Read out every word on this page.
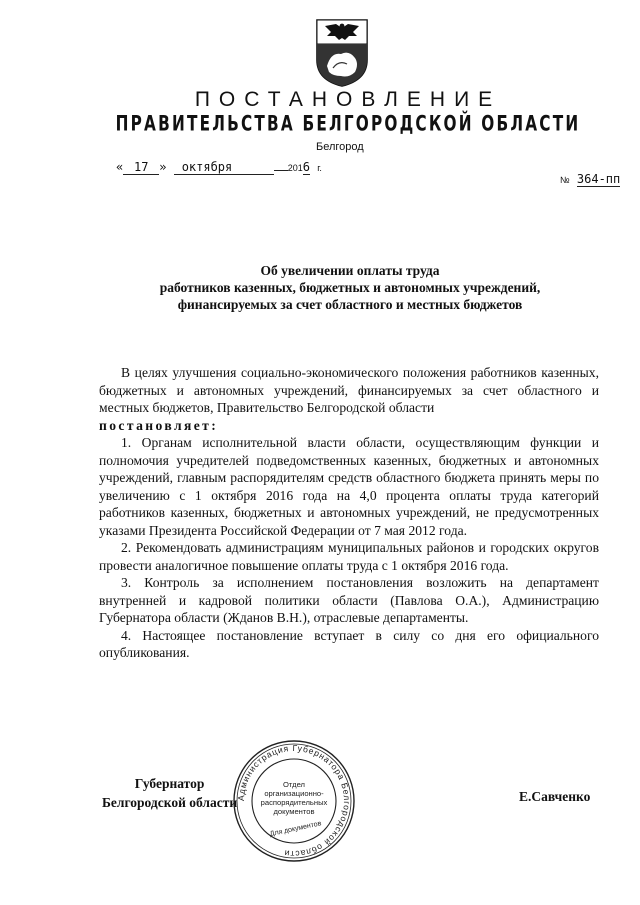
ПОСТАНОВЛЕНИЕ
ПРАВИТЕЛЬСТВА БЕЛГОРОДСКОЙ ОБЛАСТИ
Белгород
« 17 » октября	2016 г.
№ 364-пп
Об увеличении оплаты труда
работников казенных, бюджетных и автономных учреждений,
финансируемых за счет областного и местных бюджетов

В целях улучшения социально-экономического положения работников казенных, бюджетных и автономных учреждений, финансируемых за счет областного и местных бюджетов, Правительство Белгородской области

постановляет:

1. Органам исполнительной власти области, осуществляющим функции и полномочия учредителей подведомственных казенных, бюджетных и автономных учреждений, главным распорядителям средств областного бюджета принять меры по увеличению с 1 октября 2016 года на 4,0 процента оплаты труда категорий работников казенных, бюджетных и автономных учреждений, не предусмотренных указами Президента Российской Федерации от 7 мая 2012 года.

2. Рекомендовать администрациям муниципальных районов и городских округов провести аналогичное повышение оплаты труда с 1 октября 2016 года.

3. Контроль за исполнением постановления возложить на департамент внутренней и кадровой политики области (Павлова О.А.), Администрацию Губернатора области (Жданов В.Н.), отраслевые департаменты.

4. Настоящее постановление вступает в силу со дня его официального опубликования.

Губернатор
Белгородской области	Е.Савченко
Администрация Губернатора Белгородской области
Отдел
организационно-
распорядительных
документов
Для документов
